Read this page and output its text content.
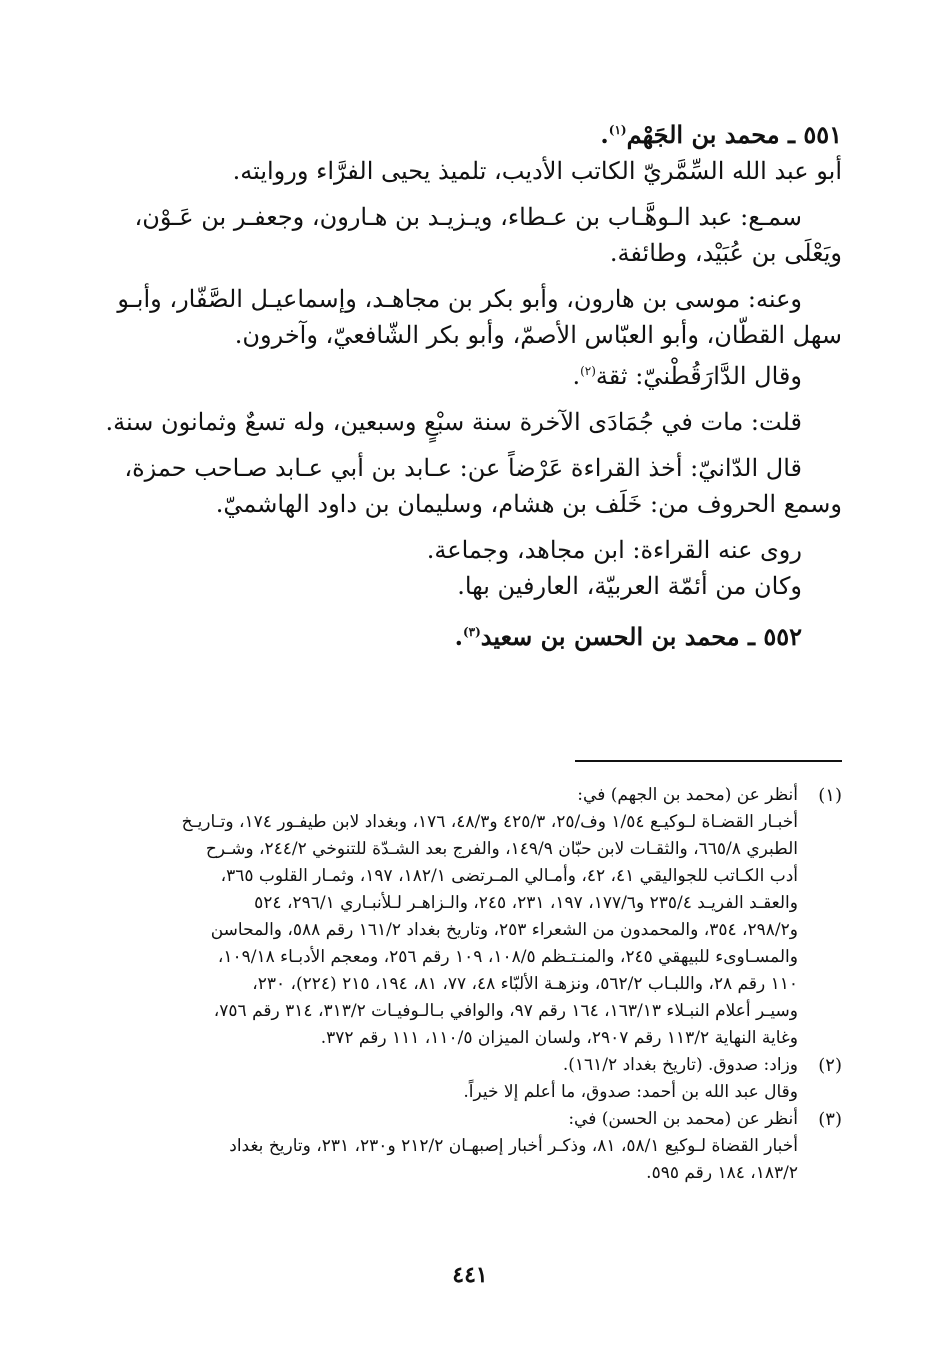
٥٥١ ـ محمد بن الجَهْم$^{(١)}$.
أبو عبد الله السِّمَّريّ الكاتب الأديب، تلميذ يحيى الفرَّاء وروايته.
سمـع: عبد الـوهَّـاب بن عـطاء، ويـزيـد بن هـارون، وجعفـر بن عَـوْن،
ويَعْلَى بن عُبَيْد، وطائفة.
وعنه: موسى بن هارون، وأبو بكر بن مجاهـد، وإسماعيـل الصَّفّار، وأبـو
سهل القطّان، وأبو العبّاس الأصمّ، وأبو بكر الشّافعيّ، وآخرون.
وقال الدَّارَقُطْنيّ: ثقة$^{(٢)}$.
قلت: مات في جُمَادَى الآخرة سنة سبْعٍ وسبعين، وله تسعٌ وثمانون سنة.
قال الدّانيّ: أخذ القراءة عَرْضاً عن: عـابد بن أبي عـابد صـاحب حمزة،
وسمع الحروف من: خَلَف بن هشام، وسليمان بن داود الهاشميّ.
روى عنه القراءة: ابن مجاهد، وجماعة.
وكان من أئمّة العربيّة، العارفين بها.
٥٥٢ ـ محمد بن الحسن بن سعيد$^{(٣)}$.
(١)
أنظر عن (محمد بن الجهم) في:
أخبـار القضـاة لـوكيـع ١/٥٤ وف/٢٥، ٤٢٥/٣ و٤٨/٣، ١٧٦، وبغداد لابن طيفـور ١٧٤، وتـاريـخ
الطبري ٦٦٥/٨، والثقـات لابن حبّان ١٤٩/٩، والفرج بعد الشـدّة للتنوخي ٢٤٤/٢، وشـرح
أدب الكـاتب للجواليقي ٤١، ٤٢، وأمـالي المـرتضى ١٨٢/١، ١٩٧، وثمـار القلوب ٣٦٥،
والعقـد الفريـد ٢٣٥/٤ و١٧٧/٦، ١٩٧، ٢٣١، ٢٤٥، والـزاهـر لـلأنبـاري ٢٩٦/١، ٥٢٤
و٢٩٨/٢، ٣٥٤، والمحمدون من الشعراء ٢٥٣، وتاريخ بغداد ١٦١/٢ رقم ٥٨٨، والمحاسن
والمسـاوىء للبيهقي ٢٤٥، والمنـتـظم ١٠٨/٥، ١٠٩ رقم ٢٥٦، ومعجم الأدبـاء ١٠٩/١٨،
١١٠ رقم ٢٨، واللبـاب ٥٦٢/٢، ونزهـة الألبّاء ٤٨، ٧٧، ٨١، ١٩٤، ٢١٥ (٢٢٤)، ٢٣٠،
وسيـر أعلام النبـلاء ١٦٣/١٣، ١٦٤ رقم ٩٧، والوافي بـالـوفيـات ٣١٣/٢، ٣١٤ رقم ٧٥٦،
وغاية النهاية ١١٣/٢ رقم ٢٩٠٧، ولسان الميزان ١١٠/٥، ١١١ رقم ٣٧٢.
(٢)
وزاد: صدوق. (تاريخ بغداد ١٦١/٢).
وقال عبد الله بن أحمد: صدوق، ما أعلم إلا خيراً.
(٣)
أنظر عن (محمد بن الحسن) في:
أخبار القضاة لـوكيع ٥٨/١، ٨١، وذكـر أخبار إصبهـان ٢١٢/٢ و٢٣٠، ٢٣١، وتاريخ بغداد
١٨٣/٢، ١٨٤ رقم ٥٩٥.
٤٤١
